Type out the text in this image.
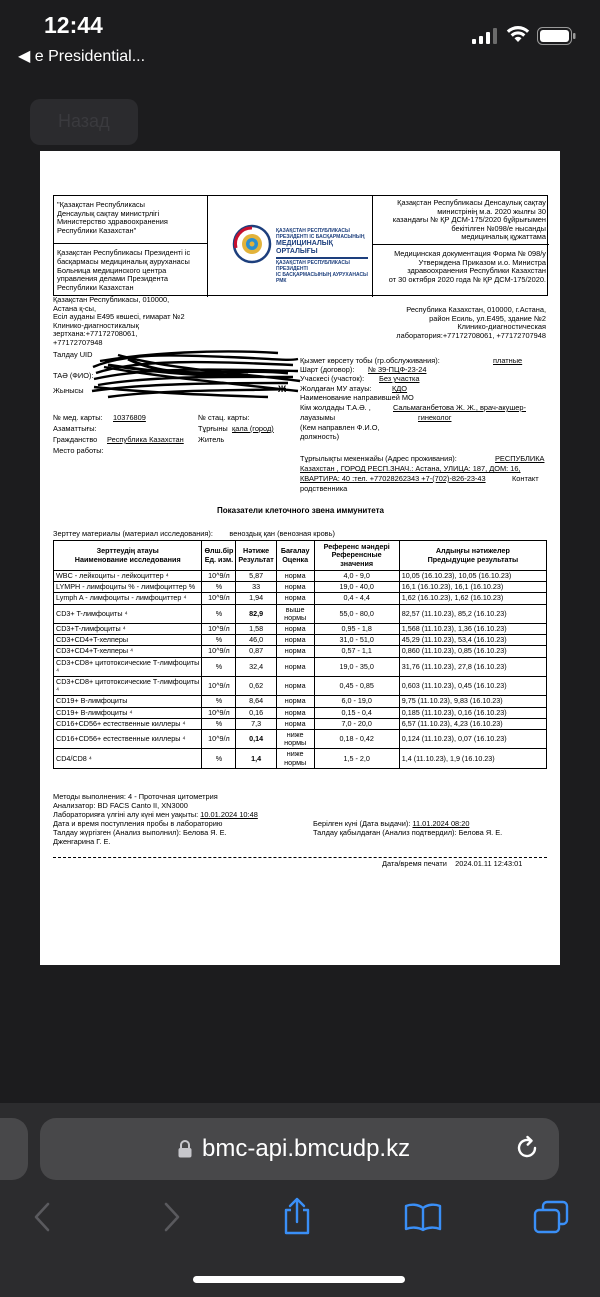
12:44
◀ e Presidential...
Назад
"Қазақстан Республикасы
Денсаулық сақтау министрлігі
Министерство здравоохранения
Республики Казахстан"
Қазақстан Республикасы Президенті іс
басқармасы медициналық ауруханасы
Больница медицинского центра
управления делами Президента
Республики Казахстан
ҚАЗАҚСТАН РЕСПУБЛИКАСЫ
ПРЕЗИДЕНТІ ІС БАСҚАРМАСЫНЫҢ
МЕДИЦИНАЛЫҚ ОРТАЛЫҒЫ
ҚАЗАҚСТАН РЕСПУБЛИКАСЫ ПРЕЗИДЕНТІ
ІС БАСҚАРМАСЫНЫҢ АУРУХАНАСЫ РМК
Қазақстан Республикасы Денсаулық сақтау
министрінің м.а. 2020 жылғы 30
казандағы № ҚР ДСМ-175/2020 бұйрығымен
бекітілген №098/е нысанды
медициналық құжаттама
Медицинская документация Форма № 098/у
Утверждена Приказом и.о. Министра
здравоохранения Республики Казахстан
от 30 октября 2020 года № ҚР ДСМ-175/2020.
Қазақстан Республикасы, 010000,
Астана қ-сы,
Есіл ауданы Е495 көшесі, ғимарат №2
Клинико-диагностикалық
зертхана:+77172708061,
+77172707948
Республика Казахстан, 010000, г.Астана,
район Есиль, ул.Е495, здание №2
Клинико-диагностическая
лаборатория:+77172708061, +77172707948
Талдау UID
ТАӘ (ФИО):
Жынысы	Ж
№ мед. карты: 10376809	№ стац. карты:
Азаматтығы:	Тұрғыны қала (город)
Гражданство Республика Казахстан Житель
Место работы:
Қызмет көрсету тобы (гр.обслуживания):	платные
Шарт (договор): № 39-ПЦФ-23-24
Учаскесі (участок): Без участка
Жолдаған МУ атауы:	КДО
Наименование направившей МО
Кім жолдады Т.А.Ә. ,	Сальмаганбетова Ж. Ж., врач-акушер-
лауазымы	гинеколог
(Кем направлен Ф.И.О,
должность)
Тұрғылықты мекенжайы (Адрес проживания):	РЕСПУБЛИКА
Казахстан , ГОРОД РЕСП.ЗНАЧ.: Астана, УЛИЦА: 187, ДОМ: 16,
КВАРТИРА: 40 :тел. +77028262343 +7-(702)-826-23-43	Контакт
родственника
Показатели клеточного звена иммунитета
Зерттеу материалы (материал исследования): веноздық қан (венозная кровь)
Зерттеудің атауы
Наименование исследования	Өлш.бір
Ед. изм.	Нәтиже
Результат	Бағалау
Оценка	Референс мәндері
Референсные
значения	Алдыңғы нәтижелер
Предыдущие результаты
WBC - лейкоциты - лейкоциттер ⁴	10^9/л	5,87	норма	4,0 - 9,0	10,05 (16.10.23), 10,05 (16.10.23)
LYMPH - лимфоциты % - лимфоциттер %	%	33	норма	19,0 - 40,0	16,1 (16.10.23), 16,1 (16.10.23)
Lymph A - лимфоциты - лимфоциттер ⁴	10^9/л	1,94	норма	0,4 - 4,4	1,62 (16.10.23), 1,62 (16.10.23)
CD3+ T-лимфоциты ⁴	%	82,9	выше нормы	55,0 - 80,0	82,57 (11.10.23), 85,2 (16.10.23)
CD3+T-лимфоциты ⁴	10^9/л	1,58	норма	0,95 - 1,8	1,568 (11.10.23), 1,36 (16.10.23)
CD3+CD4+T-хелперы	%	46,0	норма	31,0 - 51,0	45,29 (11.10.23), 53,4 (16.10.23)
CD3+CD4+T-хелперы ⁴	10^9/л	0,87	норма	0,57 - 1,1	0,860 (11.10.23), 0,85 (16.10.23)
CD3+CD8+ цитотоксические Т-лимфоциты ⁴	%	32,4	норма	19,0 - 35,0	31,76 (11.10.23), 27,8 (16.10.23)
CD3+CD8+ цитотоксические Т-лимфоциты ⁴	10^9/л	0,62	норма	0,45 - 0,85	0,603 (11.10.23), 0,45 (16.10.23)
CD19+ B-лимфоциты	%	8,64	норма	6,0 - 19,0	9,75 (11.10.23), 9,83 (16.10.23)
CD19+ B-лимфоциты ⁴	10^9/л	0,16	норма	0,15 - 0,4	0,185 (11.10.23), 0,16 (16.10.23)
CD16+CD56+ естественные киллеры ⁴	%	7,3	норма	7,0 - 20,0	6,57 (11.10.23), 4,23 (16.10.23)
CD16+CD56+ естественные киллеры ⁴	10^9/л	0,14	ниже нормы	0,18 - 0,42	0,124 (11.10.23), 0,07 (16.10.23)
CD4/CD8 ⁴	%	1,4	ниже нормы	1,5 - 2,0	1,4 (11.10.23), 1,9 (16.10.23)
Методы выполнения: 4 - Проточная цитометрия
Анализатор: BD FACS Canto II, XN3000
Лабораторияға үлгіні алу күні мен уақыты: 10.01.2024 10:48
Дата и время поступления пробы в лабораторию
Талдау жүргізген (Анализ выполнил): Белова Я. Е.
Дженгарина Г. Е.
Берілген күні (Дата выдачи): 11.01.2024 08:20
Талдау қабылдаған (Анализ подтвердил): Белова Я. Е.
Дата/время печати 2024.01.11 12:43:01
bmc-api.bmcudp.kz
